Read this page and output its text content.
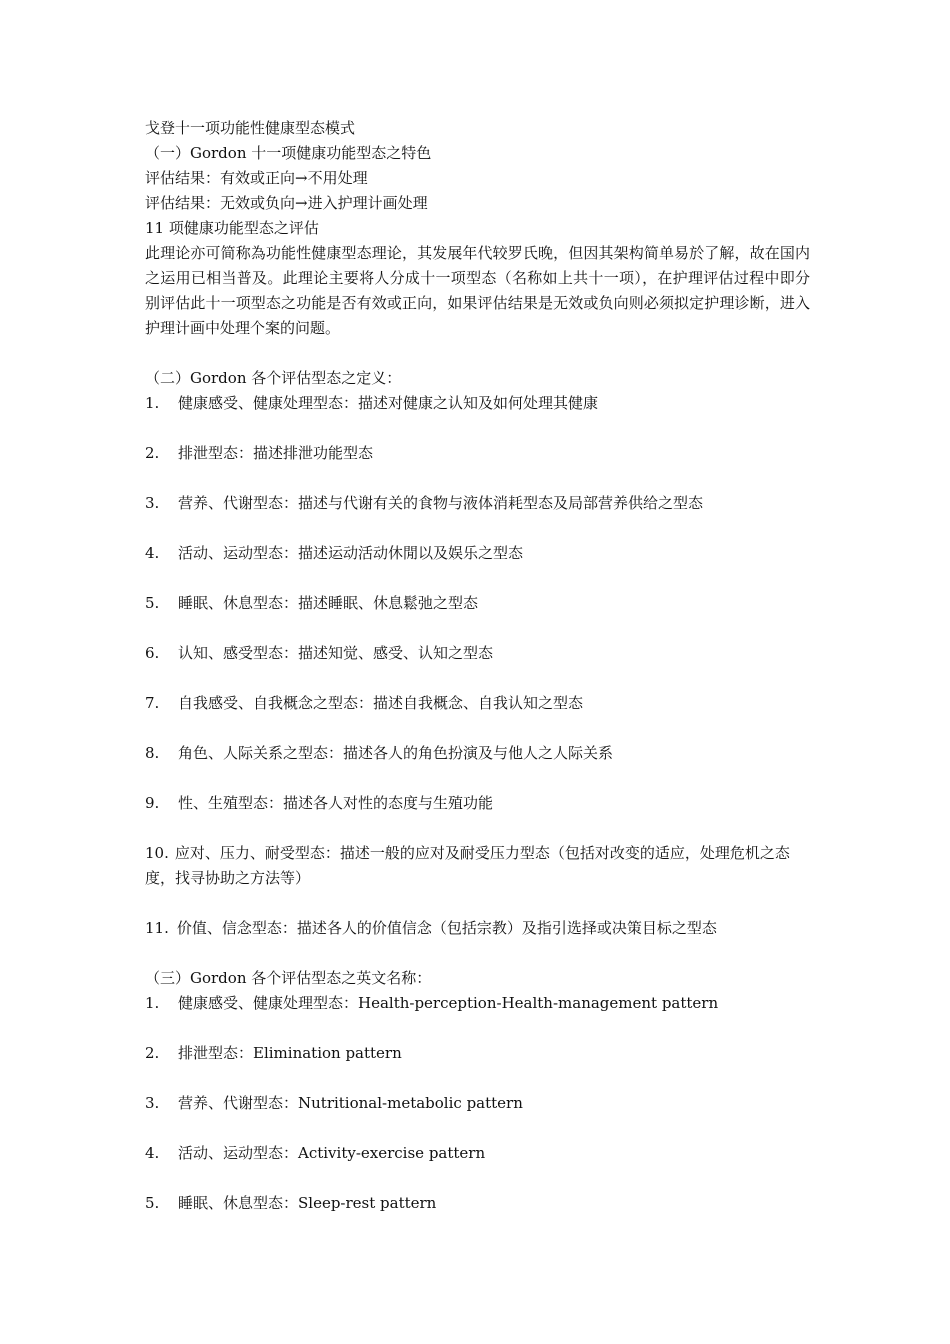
戈登十一项功能性健康型态模式
（一）Gordon 十一项健康功能型态之特色
评估结果：有效或正向→不用处理
评估结果：无效或负向→进入护理计画处理
11 项健康功能型态之评估

此理论亦可简称為功能性健康型态理论，其发展年代较罗氏晚，但因其架构简单易於了解，故在国内之运用已相当普及。此理论主要将人分成十一项型态（名称如上共十一项），在护理评估过程中即分别评估此十一项型态之功能是否有效或正向，如果评估结果是无效或负向则必须拟定护理诊断，进入护理计画中处理个案的问题。

（二）Gordon 各个评估型态之定义：
1.	健康感受、健康处理型态：描述对健康之认知及如何处理其健康
2.	排泄型态：描述排泄功能型态
3.	营养、代谢型态：描述与代谢有关的食物与液体消耗型态及局部营养供给之型态
4.	活动、运动型态：描述运动活动休閒以及娱乐之型态
5.	睡眠、休息型态：描述睡眠、休息鬆弛之型态
6.	认知、感受型态：描述知觉、感受、认知之型态
7.	自我感受、自我概念之型态：描述自我概念、自我认知之型态
8.	角色、人际关系之型态：描述各人的角色扮演及与他人之人际关系
9.	性、生殖型态：描述各人对性的态度与生殖功能
10. 应对、压力、耐受型态：描述一般的应对及耐受压力型态（包括对改变的适应，处理危机之态度，找寻协助之方法等）
11. 价值、信念型态：描述各人的价值信念（包括宗教）及指引选择或决策目标之型态
（三）Gordon 各个评估型态之英文名称：
1.	健康感受、健康处理型态：Health-perception-Health-management pattern
2.	排泄型态：Elimination pattern
3.	营养、代谢型态：Nutritional-metabolic pattern
4.	活动、运动型态：Activity-exercise pattern
5.	睡眠、休息型态：Sleep-rest pattern
